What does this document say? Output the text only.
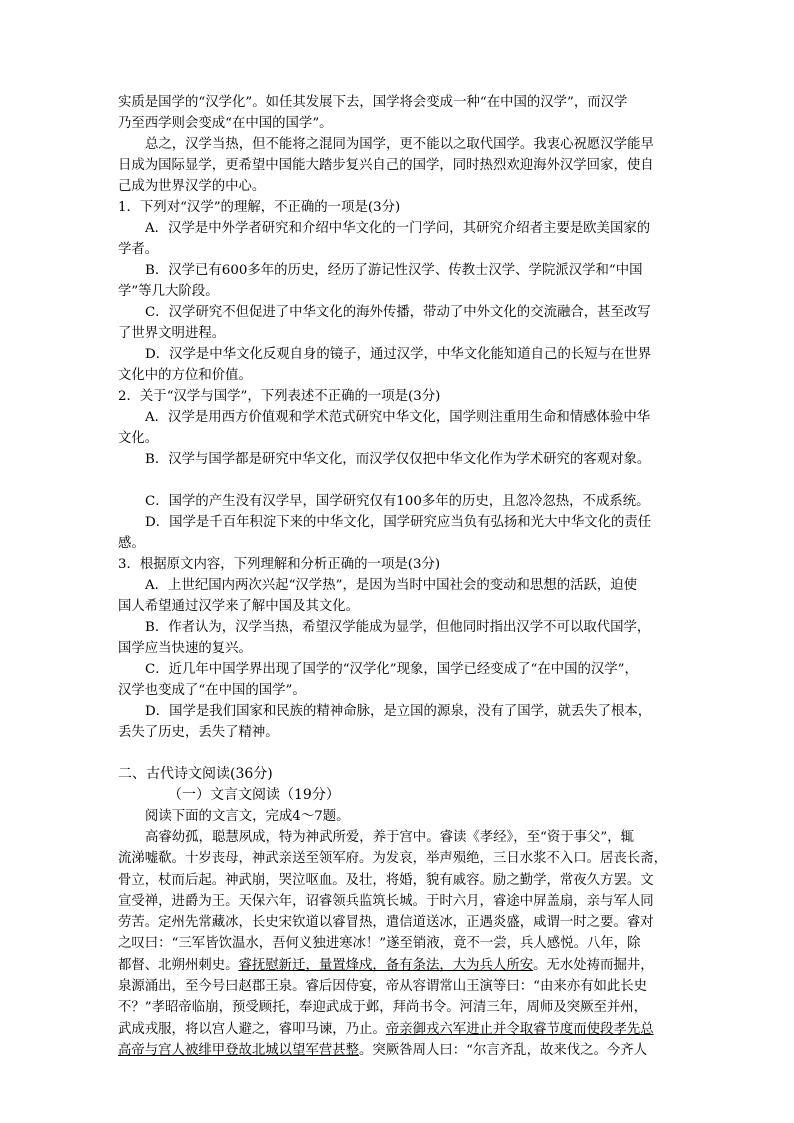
实质是国学的“汉学化”。如任其发展下去，国学将会变成一种“在中国的汉学”，而汉学
乃至西学则会变成“在中国的国学”。
总之，汉学当热，但不能将之混同为国学，更不能以之取代国学。我衷心祝愿汉学能早
日成为国际显学，更希望中国能大踏步复兴自己的国学，同时热烈欢迎海外汉学回家，使自
己成为世界汉学的中心。
1．下列对“汉学”的理解，不正确的一项是(3分)
A．汉学是中外学者研究和介绍中华文化的一门学问，其研究介绍者主要是欧美国家的
学者。
B．汉学已有600多年的历史，经历了游记性汉学、传教士汉学、学院派汉学和“中国
学”等几大阶段。
C．汉学研究不但促进了中华文化的海外传播，带动了中外文化的交流融合，甚至改写
了世界文明进程。
D．汉学是中华文化反观自身的镜子，通过汉学，中华文化能知道自己的长短与在世界
文化中的方位和价值。
2．关于“汉学与国学”，下列表述不正确的一项是(3分)
A．汉学是用西方价值观和学术范式研究中华文化，国学则注重用生命和情感体验中华
文化。
B．汉学与国学都是研究中华文化，而汉学仅仅把中华文化作为学术研究的客观对象。
C．国学的产生没有汉学早，国学研究仅有100多年的历史，且忽冷忽热，不成系统。
D．国学是千百年积淀下来的中华文化，国学研究应当负有弘扬和光大中华文化的责任
感。
3．根据原文内容，下列理解和分析正确的一项是(3分)
A．上世纪国内两次兴起“汉学热”，是因为当时中国社会的变动和思想的活跃，迫使
国人希望通过汉学来了解中国及其文化。
B．作者认为，汉学当热，希望汉学能成为显学，但他同时指出汉学不可以取代国学，
国学应当快速的复兴。
C．近几年中国学界出现了国学的“汉学化”现象，国学已经变成了“在中国的汉学”，
汉学也变成了“在中国的国学”。
D．国学是我们国家和民族的精神命脉，是立国的源泉，没有了国学，就丢失了根本，
丢失了历史，丢失了精神。
二、古代诗文阅读(36分)
（一）文言文阅读（19分）
阅读下面的文言文，完成4～7题。
高睿幼孤，聪慧夙成，特为神武所爱，养于宫中。睿读《孝经》，至“资于事父”，辄
流涕嘘欷。十岁丧母，神武亲送至领军府。为发哀，举声殒绝，三日水浆不入口。居丧长斋，
骨立，杖而后起。神武崩，哭泣呕血。及壮，将婚，貌有戚容。励之勤学，常夜久方罢。文
宣受禅，进爵为王。天保六年，诏睿领兵监筑长城。于时六月，睿途中屏盖扇，亲与军人同
劳苦。定州先常藏冰，长史宋钦道以睿冒热，遣信道送冰，正遇炎盛，咸谓一时之要。睿对
之叹曰：“三军皆饮温水，吾何义独进寒冰！”遂至销液，竟不一尝，兵人感悦。八年，除
都督、北朔州刺史。睿抚慰新迁，量置烽戍，备有条法，大为兵人所安。无水处祷而掘井，
泉源涌出，至今号曰赵郡王泉。睿后因侍宴，帝从容谓常山王演等曰：“由来亦有如此长史
不？”孝昭帝临崩，预受顾托，奉迎武成于邺，拜尚书令。河清三年，周师及突厥至并州，
武成戎服，将以宫人避之，睿叩马谏，乃止。帝亲御戎六军进止并令取睿节度而使段孝先总
高帝与宫人被绯甲登故北城以望军营甚整。突厥咎周人曰：“尔言齐乱，故来伐之。今齐人
